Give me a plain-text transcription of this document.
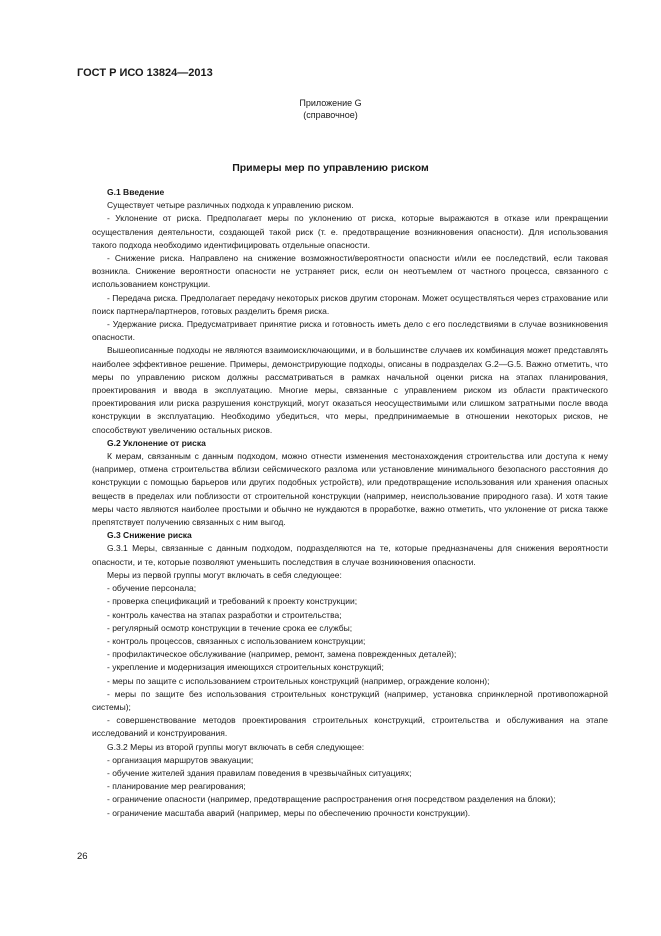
ГОСТ Р ИСО 13824—2013
Приложение G
(справочное)
Примеры мер по управлению риском

G.1 Введение

Существует четыре различных подхода к управлению риском.

- Уклонение от риска. Предполагает меры по уклонению от риска, которые выражаются в отказе или прекращении осуществления деятельности, создающей такой риск (т. е. предотвращение возникновения опасности). Для использования такого подхода необходимо идентифицировать отдельные опасности.

- Снижение риска. Направлено на снижение возможности/вероятности опасности и/или ее последствий, если таковая возникла. Снижение вероятности опасности не устраняет риск, если он неотъемлем от частного процесса, связанного с использованием конструкции.

- Передача риска. Предполагает передачу некоторых рисков другим сторонам. Может осуществляться через страхование или поиск партнера/партнеров, готовых разделить бремя риска.

- Удержание риска. Предусматривает принятие риска и готовность иметь дело с его последствиями в случае возникновения опасности.

Вышеописанные подходы не являются взаимоисключающими, и в большинстве случаев их комбинация может представлять наиболее эффективное решение. Примеры, демонстрирующие подходы, описаны в подразделах G.2—G.5. Важно отметить, что меры по управлению риском должны рассматриваться в рамках начальной оценки риска на этапах планирования, проектирования и ввода в эксплуатацию. Многие меры, связанные с управлением риском из области практического проектирования или риска разрушения конструкций, могут оказаться неосуществимыми или слишком затратными после ввода конструкции в эксплуатацию. Необходимо убедиться, что меры, предпринимаемые в отношении некоторых рисков, не способствуют увеличению остальных рисков.

G.2 Уклонение от риска

К мерам, связанным с данным подходом, можно отнести изменения местонахождения строительства или доступа к нему (например, отмена строительства вблизи сейсмического разлома или установление минимального безопасного расстояния до конструкции с помощью барьеров или других подобных устройств), или предотвращение использования или хранения опасных веществ в пределах или поблизости от строительной конструкции (например, неиспользование природного газа). И хотя такие меры часто являются наиболее простыми и обычно не нуждаются в проработке, важно отметить, что уклонение от риска также препятствует получению связанных с ним выгод.

G.3 Снижение риска

G.3.1 Меры, связанные с данным подходом, подразделяются на те, которые предназначены для снижения вероятности опасности, и те, которые позволяют уменьшить последствия в случае возникновения опасности.

Меры из первой группы могут включать в себя следующее:

- обучение персонала;

- проверка спецификаций и требований к проекту конструкции;

- контроль качества на этапах разработки и строительства;

- регулярный осмотр конструкции в течение срока ее службы;

- контроль процессов, связанных с использованием конструкции;

- профилактическое обслуживание (например, ремонт, замена поврежденных деталей);

- укрепление и модернизация имеющихся строительных конструкций;

- меры по защите с использованием строительных конструкций (например, ограждение колонн);

- меры по защите без использования строительных конструкций (например, установка спринклерной противопожарной системы);

- совершенствование методов проектирования строительных конструкций, строительства и обслуживания на этапе исследований и конструирования.

G.3.2 Меры из второй группы могут включать в себя следующее:

- организация маршрутов эвакуации;

- обучение жителей здания правилам поведения в чрезвычайных ситуациях;

- планирование мер реагирования;

- ограничение опасности (например, предотвращение распространения огня посредством разделения на блоки);

- ограничение масштаба аварий (например, меры по обеспечению прочности конструкции).

26
